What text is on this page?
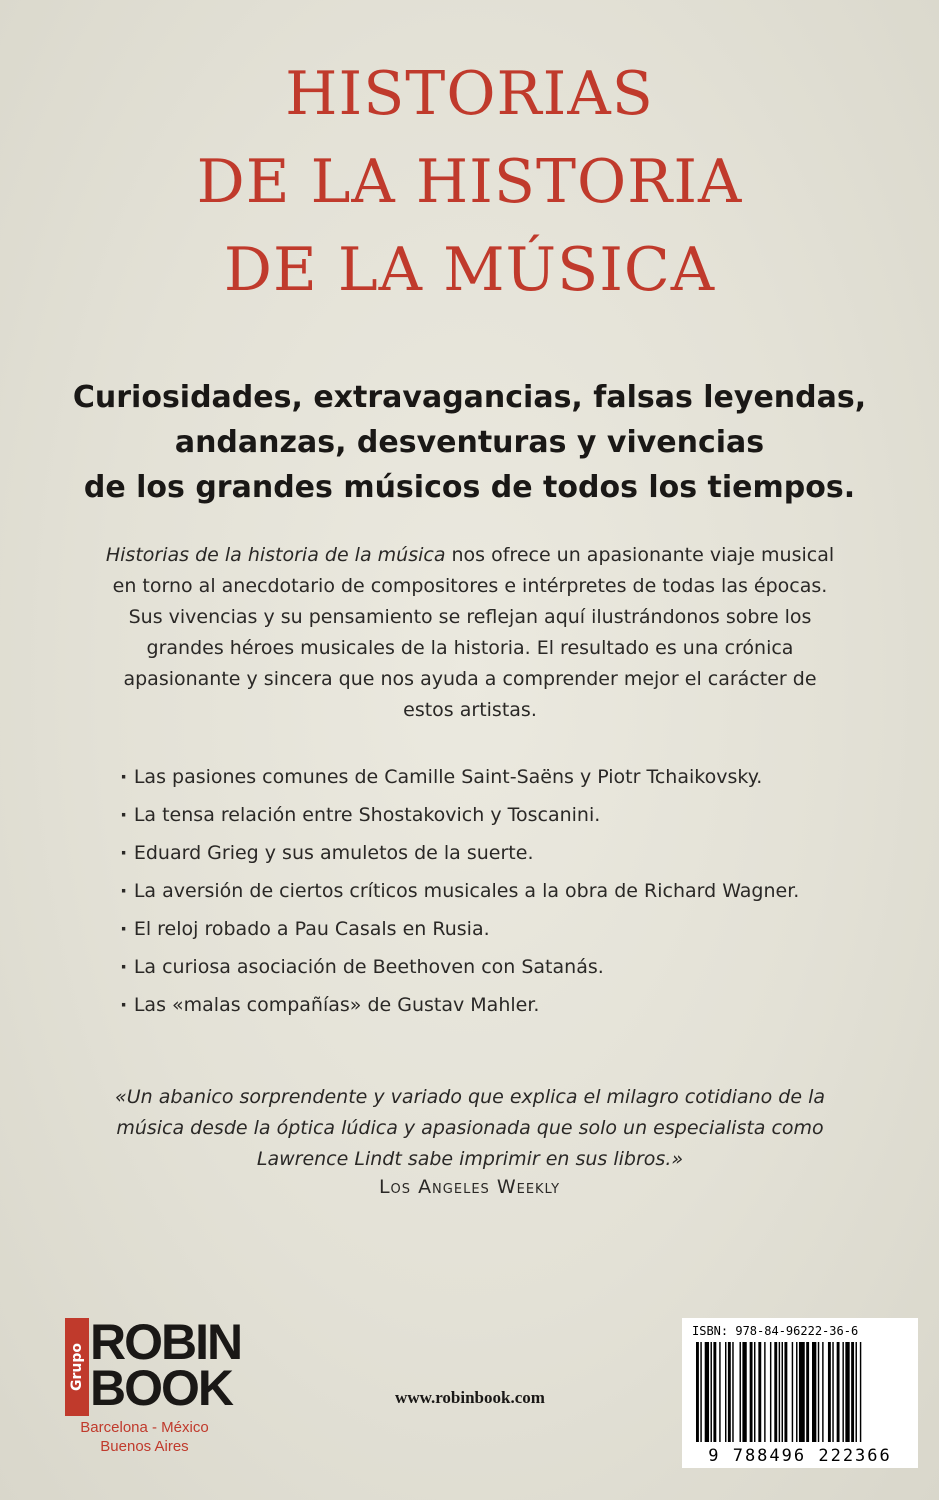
HISTORIAS
DE LA HISTORIA
DE LA MÚSICA
Curiosidades, extravagancias, falsas leyendas,
andanzas, desventuras y vivencias
de los grandes músicos de todos los tiempos.
Historias de la historia de la música nos ofrece un apasionante viaje musical en torno al anecdotario de compositores e intérpretes de todas las épocas. Sus vivencias y su pensamiento se reflejan aquí ilustrándonos sobre los grandes héroes musicales de la historia. El resultado es una crónica apasionante y sincera que nos ayuda a comprender mejor el carácter de estos artistas.
· Las pasiones comunes de Camille Saint-Saëns y Piotr Tchaikovsky.
· La tensa relación entre Shostakovich y Toscanini.
· Eduard Grieg y sus amuletos de la suerte.
· La aversión de ciertos críticos musicales a la obra de Richard Wagner.
· El reloj robado a Pau Casals en Rusia.
· La curiosa asociación de Beethoven con Satanás.
· Las «malas compañías» de Gustav Mahler.
«Un abanico sorprendente y variado que explica el milagro cotidiano de la música desde la óptica lúdica y apasionada que solo un especialista como Lawrence Lindt sabe imprimir en sus libros.»
Los Angeles Weekly
Grupo ROBIN
BOOK
Barcelona - México
Buenos Aires
www.robinbook.com
ISBN: 978-84-96222-36-6
9 788496 222366
